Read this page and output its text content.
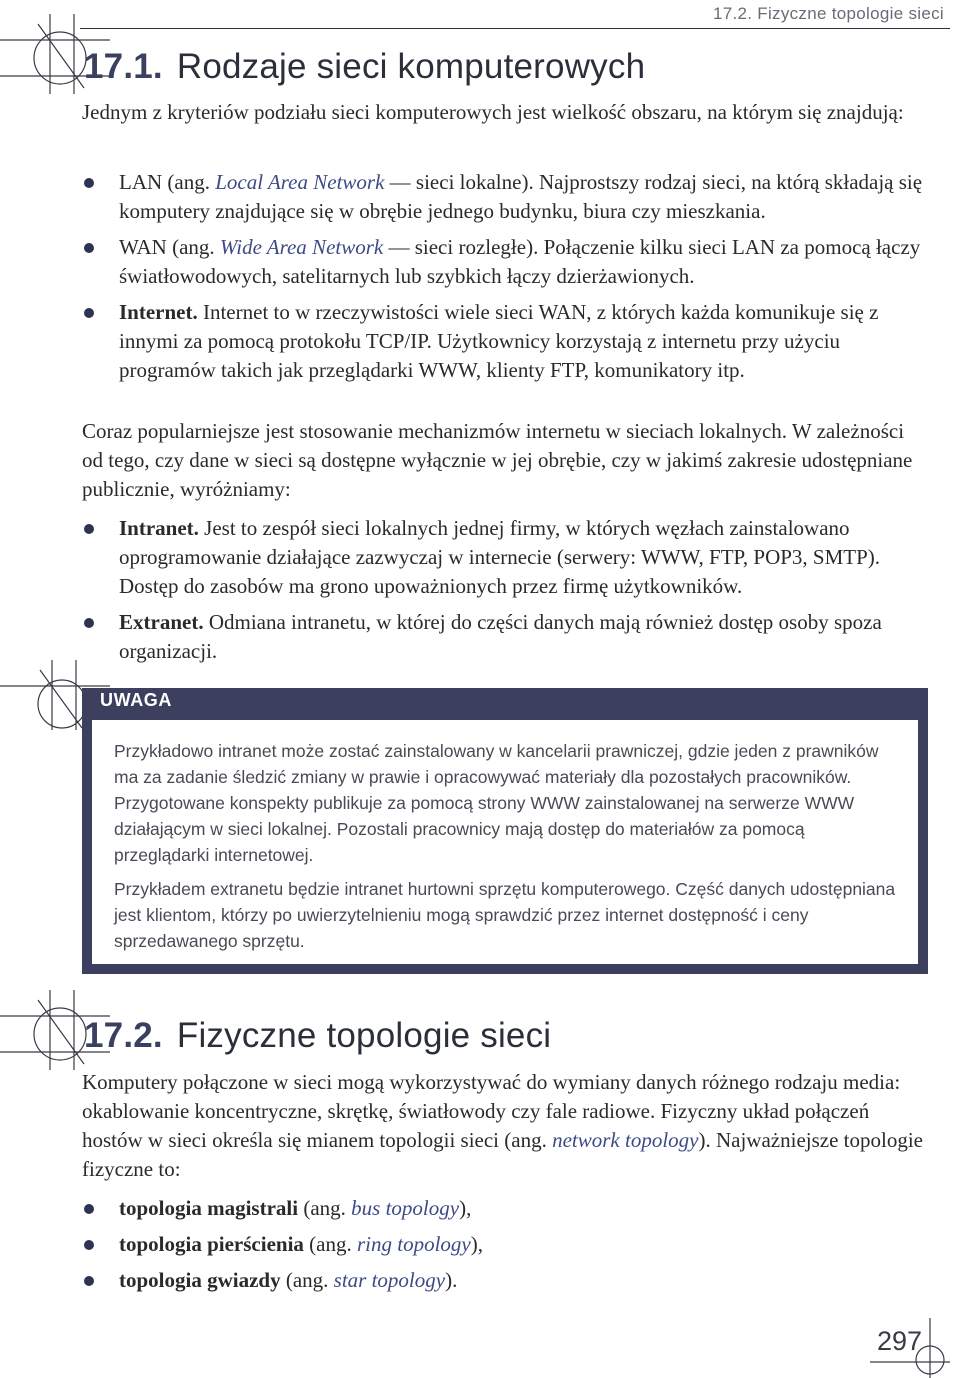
17.2. Fizyczne topologie sieci
17.1. Rodzaje sieci komputerowych

Jednym z kryteriów podziału sieci komputerowych jest wielkość obszaru, na którym się znajdują:

LAN (ang. Local Area Network — sieci lokalne). Najprostszy rodzaj sieci, na którą składają się komputery znajdujące się w obrębie jednego budynku, biura czy mieszkania.
WAN (ang. Wide Area Network — sieci rozległe). Połączenie kilku sieci LAN za pomocą łączy światłowodowych, satelitarnych lub szybkich łączy dzierżawionych.
Internet. Internet to w rzeczywistości wiele sieci WAN, z których każda komunikuje się z innymi za pomocą protokołu TCP/IP. Użytkownicy korzystają z internetu przy użyciu programów takich jak przeglądarki WWW, klienty FTP, komunikatory itp.

Coraz popularniejsze jest stosowanie mechanizmów internetu w sieciach lokalnych. W zależności od tego, czy dane w sieci są dostępne wyłącznie w jej obrębie, czy w jakimś zakresie udostępniane publicznie, wyróżniamy:

Intranet. Jest to zespół sieci lokalnych jednej firmy, w których węzłach zainstalowano oprogramowanie działające zazwyczaj w internecie (serwery: WWW, FTP, POP3, SMTP). Dostęp do zasobów ma grono upoważnionych przez firmę użytkowników.
Extranet. Odmiana intranetu, w której do części danych mają również dostęp osoby spoza organizacji.
UWAGA

Przykładowo intranet może zostać zainstalowany w kancelarii prawniczej, gdzie jeden z prawników ma za zadanie śledzić zmiany w prawie i opracowywać materiały dla pozostałych pracowników. Przygotowane konspekty publikuje za pomocą strony WWW zainstalowanej na serwerze WWW działającym w sieci lokalnej. Pozostali pracownicy mają dostęp do materiałów za pomocą przeglądarki internetowej.

Przykładem extranetu będzie intranet hurtowni sprzętu komputerowego. Część danych udostępniana jest klientom, którzy po uwierzytelnieniu mogą sprawdzić przez internet dostępność i ceny sprzedawanego sprzętu.

17.2. Fizyczne topologie sieci

Komputery połączone w sieci mogą wykorzystywać do wymiany danych różnego rodzaju media: okablowanie koncentryczne, skrętkę, światłowody czy fale radiowe. Fizyczny układ połączeń hostów w sieci określa się mianem topologii sieci (ang. network topology). Najważniejsze topologie fizyczne to:

topologia magistrali (ang. bus topology),
topologia pierścienia (ang. ring topology),
topologia gwiazdy (ang. star topology).
297
